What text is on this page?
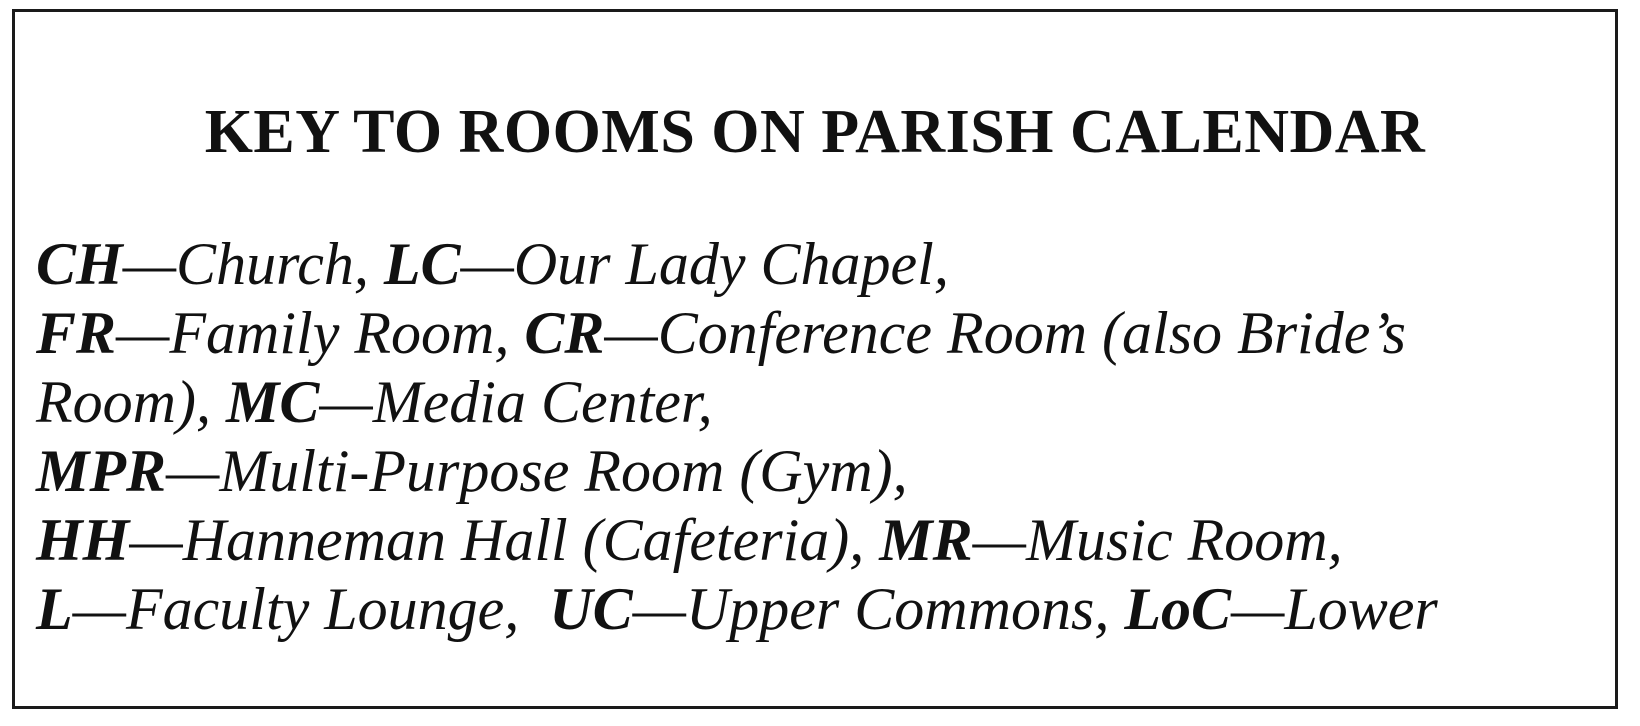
KEY TO ROOMS ON PARISH CALENDAR
CH—Church, LC—Our Lady Chapel,
FR—Family Room, CR—Conference Room (also Bride’s
Room), MC—Media Center,
MPR—Multi-Purpose Room (Gym),
HH—Hanneman Hall (Cafeteria), MR—Music Room,
L—Faculty Lounge,  UC—Upper Commons, LoC—Lower
